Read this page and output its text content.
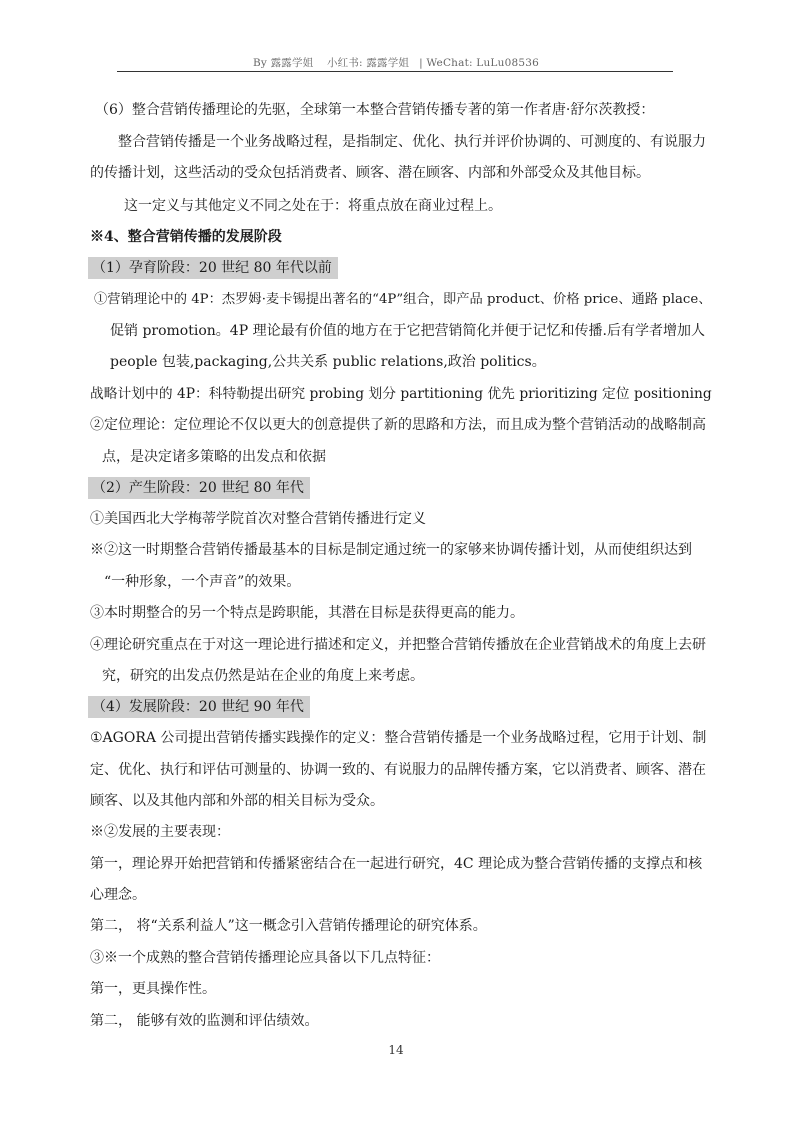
By 露露学姐 小红书: 露露学姐 | WeChat: LuLu08536
（6）整合营销传播理论的先驱，全球第一本整合营销传播专著的第一作者唐·舒尔茨教授：
整合营销传播是一个业务战略过程，是指制定、优化、执行并评价协调的、可测度的、有说服力
的传播计划，这些活动的受众包括消费者、顾客、潜在顾客、内部和外部受众及其他目标。
这一定义与其他定义不同之处在于：将重点放在商业过程上。
※4、整合营销传播的发展阶段
（1）孕育阶段：20 世纪 80 年代以前
①营销理论中的 4P：杰罗姆·麦卡锡提出著名的“4P”组合，即产品 product、价格 price、通路 place、
促销 promotion。4P 理论最有价值的地方在于它把营销简化并便于记忆和传播.后有学者增加人
people 包装,packaging,公共关系 public relations,政治 politics。
战略计划中的 4P：科特勒提出研究 probing 划分 partitioning 优先 prioritizing 定位 positioning
②定位理论：定位理论不仅以更大的创意提供了新的思路和方法，而且成为整个营销活动的战略制高
点，是决定诸多策略的出发点和依据
（2）产生阶段：20 世纪 80 年代
①美国西北大学梅蒂学院首次对整合营销传播进行定义
※②这一时期整合营销传播最基本的目标是制定通过统一的家够来协调传播计划，从而使组织达到
“一种形象，一个声音”的效果。
③本时期整合的另一个特点是跨职能，其潜在目标是获得更高的能力。
④理论研究重点在于对这一理论进行描述和定义，并把整合营销传播放在企业营销战术的角度上去研
究，研究的出发点仍然是站在企业的角度上来考虑。
（4）发展阶段：20 世纪 90 年代
①AGORA 公司提出营销传播实践操作的定义：整合营销传播是一个业务战略过程，它用于计划、制
定、优化、执行和评估可测量的、协调一致的、有说服力的品牌传播方案，它以消费者、顾客、潜在
顾客、以及其他内部和外部的相关目标为受众。
※②发展的主要表现：
第一，理论界开始把营销和传播紧密结合在一起进行研究，4C 理论成为整合营销传播的支撑点和核
心理念。
第二， 将“关系利益人”这一概念引入营销传播理论的研究体系。
③※一个成熟的整合营销传播理论应具备以下几点特征：
第一，更具操作性。
第二， 能够有效的监测和评估绩效。
14
